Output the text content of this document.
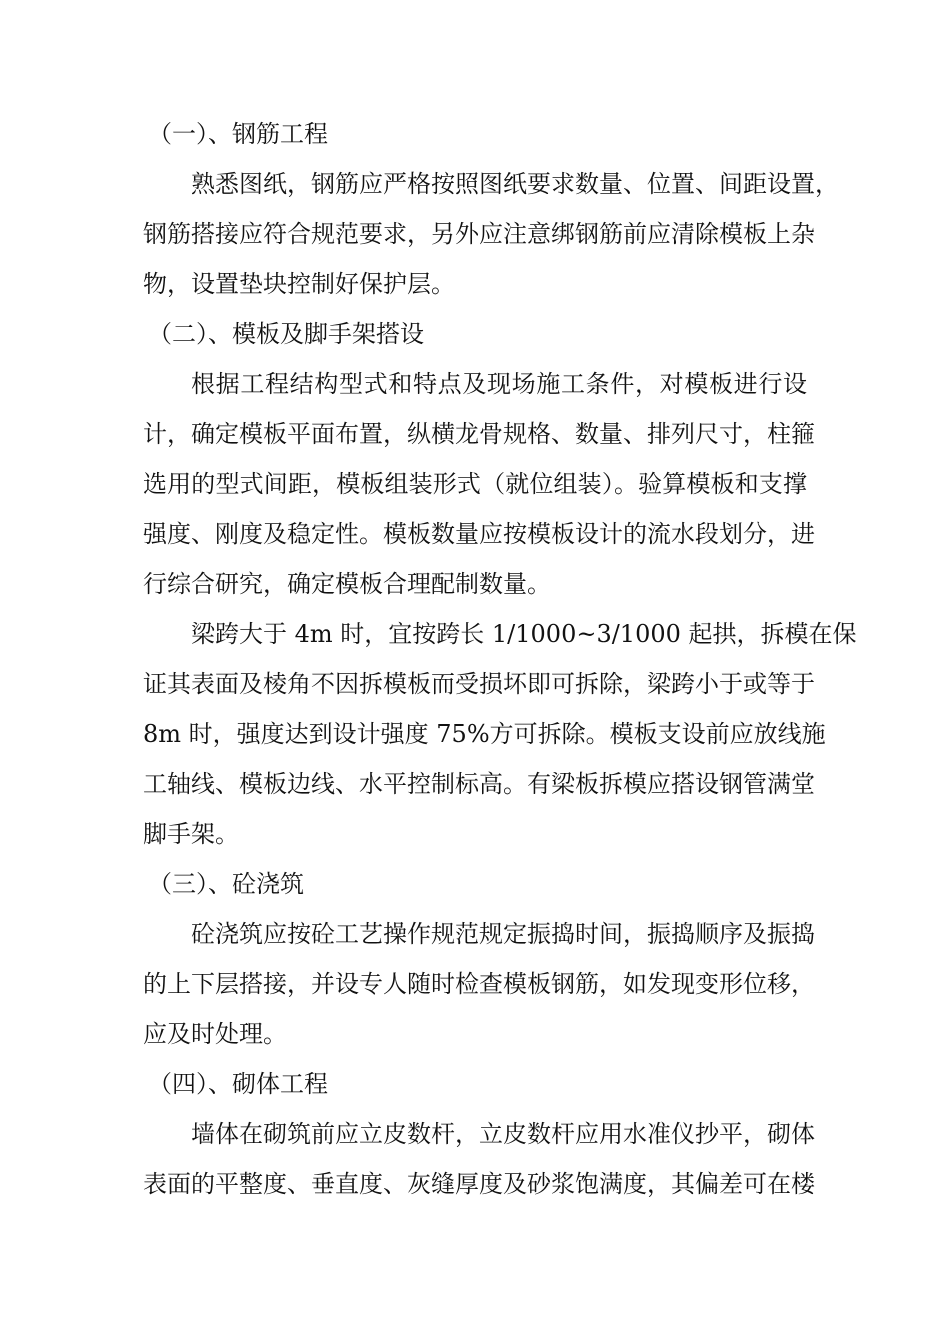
（一）、钢筋工程

熟悉图纸，钢筋应严格按照图纸要求数量、位置、间距设置，

钢筋搭接应符合规范要求，另外应注意绑钢筋前应清除模板上杂

物，设置垫块控制好保护层。

（二）、模板及脚手架搭设

根据工程结构型式和特点及现场施工条件，对模板进行设

计，确定模板平面布置，纵横龙骨规格、数量、排列尺寸，柱箍

选用的型式间距，模板组装形式（就位组装）。验算模板和支撑

强度、刚度及稳定性。模板数量应按模板设计的流水段划分，进

行综合研究，确定模板合理配制数量。

梁跨大于 4m 时，宜按跨长 1/1000~3/1000 起拱，拆模在保

证其表面及棱角不因拆模板而受损坏即可拆除，梁跨小于或等于

8m 时，强度达到设计强度 75%方可拆除。模板支设前应放线施

工轴线、模板边线、水平控制标高。有梁板拆模应搭设钢管满堂

脚手架。

（三）、砼浇筑

砼浇筑应按砼工艺操作规范规定振捣时间，振捣顺序及振捣

的上下层搭接，并设专人随时检查模板钢筋，如发现变形位移，

应及时处理。

（四）、砌体工程

墙体在砌筑前应立皮数杆，立皮数杆应用水准仪抄平，砌体

表面的平整度、垂直度、灰缝厚度及砂浆饱满度，其偏差可在楼
